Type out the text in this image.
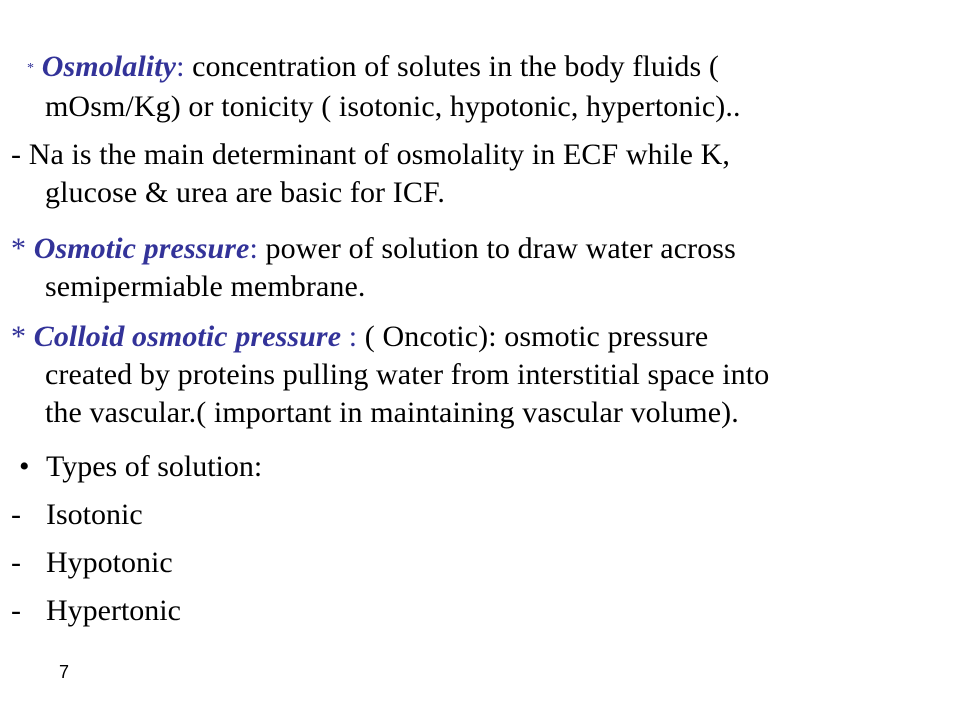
* Osmolality: concentration of solutes in the body fluids (
mOsm/Kg) or tonicity ( isotonic, hypotonic, hypertonic)..
- Na is the main determinant of osmolality in ECF while K,
glucose & urea are basic for ICF.
* Osmotic pressure: power of solution to draw water across
semipermiable membrane.
* Colloid osmotic pressure : ( Oncotic): osmotic pressure
created by proteins pulling water from interstitial space into
the vascular.( important in maintaining vascular volume).
• Types of solution:
- Isotonic
- Hypotonic
- Hypertonic
7
